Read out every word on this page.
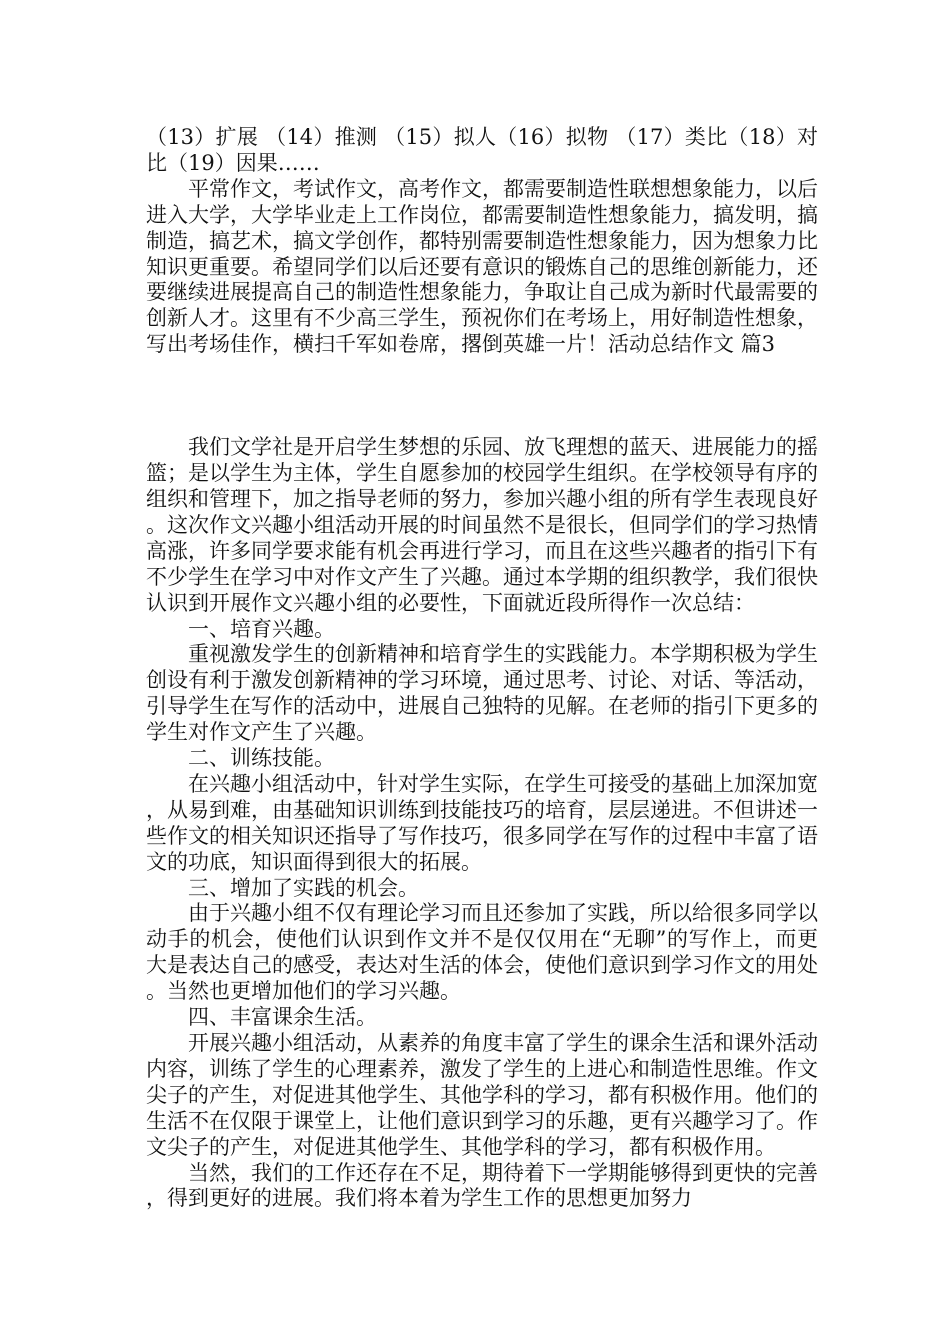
（13）扩展 （14）推测 （15）拟人（16）拟物 （17）类比（18）对比（19）因果……

平常作文，考试作文，高考作文，都需要制造性联想想象能力，以后进入大学，大学毕业走上工作岗位，都需要制造性想象能力，搞发明，搞制造，搞艺术，搞文学创作，都特别需要制造性想象能力，因为想象力比知识更重要。希望同学们以后还要有意识的锻炼自己的思维创新能力，还要继续进展提高自己的制造性想象能力，争取让自己成为新时代最需要的创新人才。这里有不少高三学生，预祝你们在考场上，用好制造性想象，写出考场佳作，横扫千军如卷席，撂倒英雄一片！活动总结作文 篇3

我们文学社是开启学生梦想的乐园、放飞理想的蓝天、进展能力的摇篮；是以学生为主体，学生自愿参加的校园学生组织。在学校领导有序的组织和管理下，加之指导老师的努力，参加兴趣小组的所有学生表现良好。这次作文兴趣小组活动开展的时间虽然不是很长，但同学们的学习热情高涨，许多同学要求能有机会再进行学习，而且在这些兴趣者的指引下有不少学生在学习中对作文产生了兴趣。通过本学期的组织教学，我们很快认识到开展作文兴趣小组的必要性，下面就近段所得作一次总结：

一、培育兴趣。

重视激发学生的创新精神和培育学生的实践能力。本学期积极为学生创设有利于激发创新精神的学习环境，通过思考、讨论、对话、等活动，引导学生在写作的活动中，进展自己独特的见解。在老师的指引下更多的学生对作文产生了兴趣。

二、训练技能。

在兴趣小组活动中，针对学生实际，在学生可接受的基础上加深加宽，从易到难，由基础知识训练到技能技巧的培育，层层递进。不但讲述一些作文的相关知识还指导了写作技巧，很多同学在写作的过程中丰富了语文的功底，知识面得到很大的拓展。

三、增加了实践的机会。

由于兴趣小组不仅有理论学习而且还参加了实践，所以给很多同学以动手的机会，使他们认识到作文并不是仅仅用在“无聊”的写作上，而更大是表达自己的感受，表达对生活的体会，使他们意识到学习作文的用处。当然也更增加他们的学习兴趣。

四、丰富课余生活。

开展兴趣小组活动，从素养的角度丰富了学生的课余生活和课外活动内容，训练了学生的心理素养，激发了学生的上进心和制造性思维。作文尖子的产生，对促进其他学生、其他学科的学习，都有积极作用。他们的生活不在仅限于课堂上，让他们意识到学习的乐趣，更有兴趣学习了。作文尖子的产生，对促进其他学生、其他学科的学习，都有积极作用。

当然，我们的工作还存在不足，期待着下一学期能够得到更快的完善，得到更好的进展。我们将本着为学生工作的思想更加努力
